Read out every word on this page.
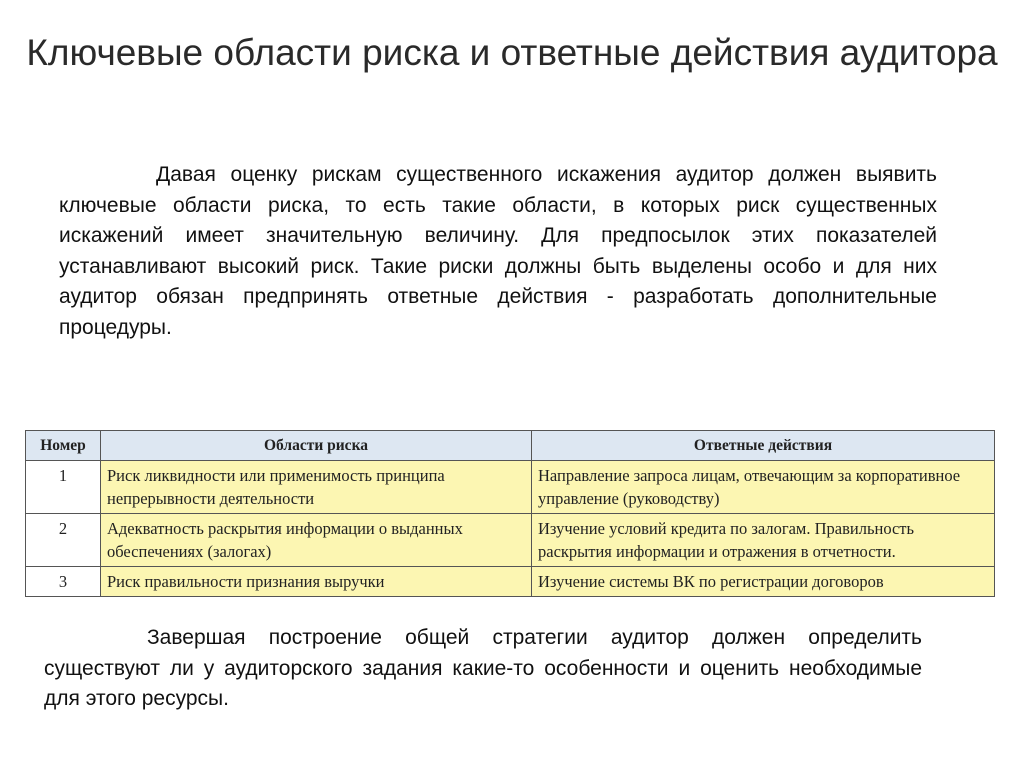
Ключевые области риска и ответные действия аудитора

Давая оценку рискам существенного искажения аудитор должен выявить ключевые области риска, то есть такие области, в которых риск существенных искажений имеет значительную величину. Для предпосылок этих показателей устанавливают высокий риск. Такие риски должны быть выделены особо и для них аудитор обязан предпринять ответные действия - разработать дополнительные процедуры.

Номер	Области риска	Ответные действия
1	Риск ликвидности или применимость принципа непрерывности деятельности	Направление запроса лицам, отвечающим за корпоративное управление (руководству)
2	Адекватность раскрытия информации о выданных обеспечениях (залогах)	Изучение условий кредита по залогам. Правильность раскрытия информации и отражения в отчетности.
3	Риск правильности признания выручки	Изучение системы ВК по регистрации договоров

Завершая построение общей стратегии аудитор должен определить существуют ли у аудиторского задания какие-то особенности и оценить необходимые для этого ресурсы.
